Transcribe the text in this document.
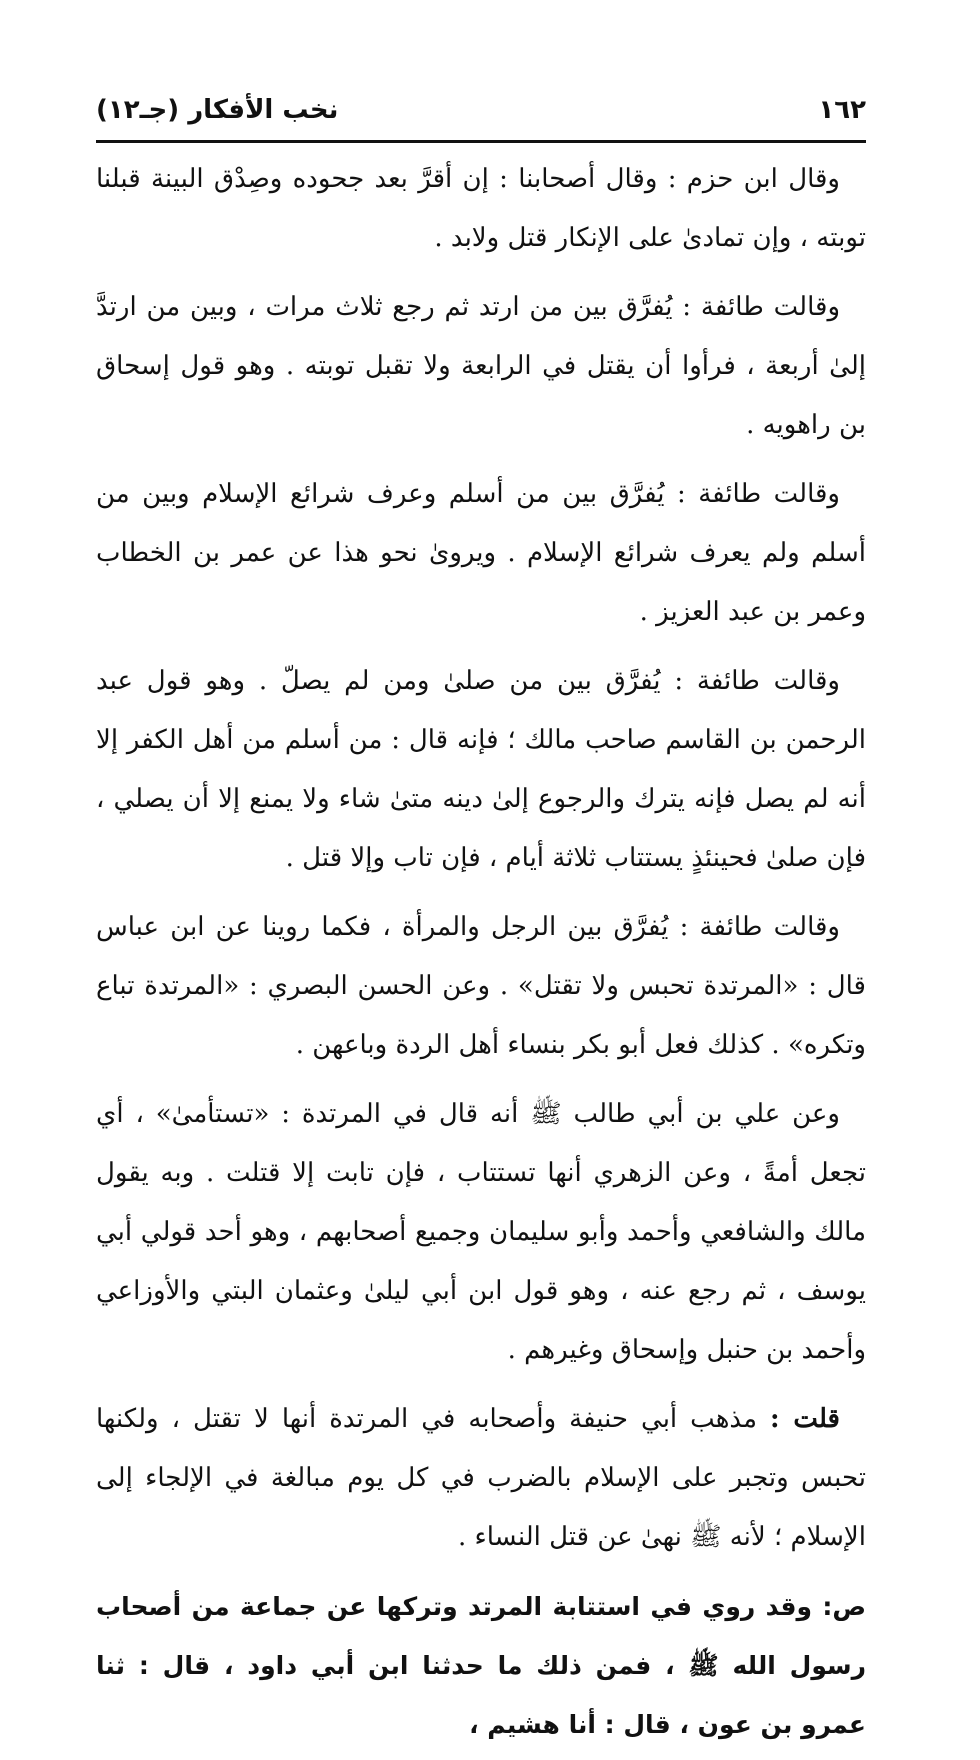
١٦٢
نخب الأفكار (جـ١٢)

 وقال ابن حزم : وقال أصحابنا : إن أقرَّ بعد جحوده وصِدْق البينة قبلنا توبته ، وإن تمادىٰ على الإنكار قتل ولابد .

 وقالت طائفة : يُفرَّق بين من ارتد ثم رجع ثلاث مرات ، وبين من ارتدَّ إلىٰ أربعة ، فرأوا أن يقتل في الرابعة ولا تقبل توبته . وهو قول إسحاق بن راهويه .

 وقالت طائفة : يُفرَّق بين من أسلم وعرف شرائع الإسلام وبين من أسلم ولم يعرف شرائع الإسلام . ويروىٰ نحو هذا عن عمر بن الخطاب وعمر بن عبد العزيز .

 وقالت طائفة : يُفرَّق بين من صلىٰ ومن لم يصلّ . وهو قول عبد الرحمن بن القاسم صاحب مالك ؛ فإنه قال : من أسلم من أهل الكفر إلا أنه لم يصل فإنه يترك والرجوع إلىٰ دينه متىٰ شاء ولا يمنع إلا أن يصلي ، فإن صلىٰ فحينئذٍ يستتاب ثلاثة أيام ، فإن تاب وإلا قتل .

 وقالت طائفة : يُفرَّق بين الرجل والمرأة ، فكما روينا عن ابن عباس قال : «المرتدة تحبس ولا تقتل» . وعن الحسن البصري : «المرتدة تباع وتكره» . كذلك فعل أبو بكر بنساء أهل الردة وباعهن .

 وعن علي بن أبي طالب ﷺ أنه قال في المرتدة : «تستأمىٰ» ، أي تجعل أمةً ، وعن الزهري أنها تستتاب ، فإن تابت إلا قتلت . وبه يقول مالك والشافعي وأحمد وأبو سليمان وجميع أصحابهم ، وهو أحد قولي أبي يوسف ، ثم رجع عنه ، وهو قول ابن أبي ليلىٰ وعثمان البتي والأوزاعي وأحمد بن حنبل وإسحاق وغيرهم .

 قلت : مذهب أبي حنيفة وأصحابه في المرتدة أنها لا تقتل ، ولكنها تحبس وتجبر على الإسلام بالضرب في كل يوم مبالغة في الإلجاء إلى الإسلام ؛ لأنه ﷺ نهىٰ عن قتل النساء .

ص: وقد روي في استتابة المرتد وتركها عن جماعة من أصحاب رسول الله ﷺ ، فمن ذلك ما حدثنا ابن أبي داود ، قال : ثنا عمرو بن عون ، قال : أنا هشيم ،
